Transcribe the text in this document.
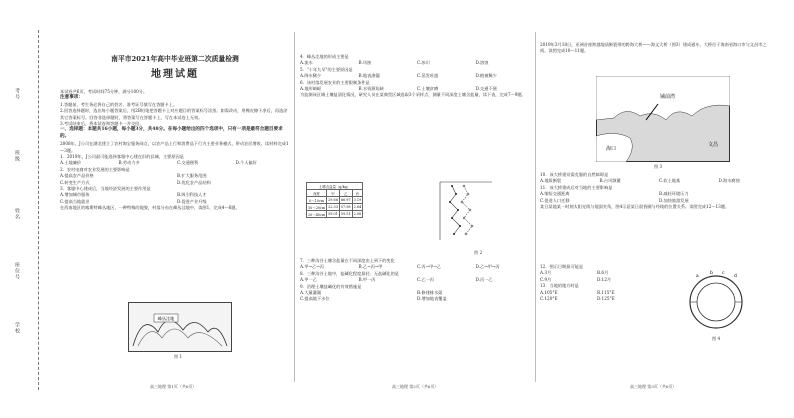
考号
班级
姓名
座位号
学校
南平市2021年高中毕业班第二次质量检测
地理试题

本试卷共6页，考试时间75分钟，满分100分。

注意事项：

1.答题前，考生务必将自己的姓名、准考证号填写在答题卡上。

2.回答选择题时，选出每小题答案后，用2B铅笔把答题卡上对应题目的答案标号涂黑。如需改动，用橡皮擦干净后，再选涂其它答案标号。回答非选择题时，将答案写在答题卡上，写在本试卷上无效。

3.考试结束后，将本试卷和答题卡一并交回。

一、选择题：本题共16小题，每小题3分，共48分。在每小题给出的四个选项中，只有一项是最符合题目要求的。

2008年，J公司在湖北建立了农村淘宝服务网点，以农产品上行和消费品下行为主要业务模式，带动农民增收。读材料完成1～3题。

1．2019年，J公司最可能选择客服中心建在旧的县城，主要原因是

A.土地廉价	B.劳动力多	C.交通便利	D.个人偏好

2．农村电商对农业发展的主要影响是

A.提高农产品价格	B.扩大服务范围
C.转变生产方式	D.优化农产品结构

3．客服中心建成后，当地经济发展的主要作用是

A.增加城市服务	B.吸引科技人才
C.提高当地就业	D.促进产业升级

在西南地区的喀斯特峰丛地区，一种特殊的地貌，村落分布在峰丛洼地中，读图1，完成4～6题。

峰丛洼地
图 1
高三地理 第1页（共6页）

4．峰丛洼地的形成主要是

A.流水	B.风蚀	C.冰川	D.溶蚀

5．"十年九旱"的主要原因是

A.降水稀少	B.地表渗漏	C.蒸发旺盛	D.植被稀少

6．该村落发展农业的主要限制条件是

A.地形崎岖	B.水资源短缺	C.土壤贫瘠	D.交通不便

为监测该区城土壤盐渍化情况，研究人员在某典型区域选取3个采样点，测量不同深度土壤含盐量，读下表，完成7～9题。

土壤含盐量（g/kg）			
深度	甲	乙	丙
0～10cm	29.66	66.97	3.19
10～20cm	22.33	57.98	2.64
20～40cm	59.01	59.51	2.08
图 2

7．三种沟谷土壤含盐量在不同深度由上到下的变化

A.甲→乙→丙	B.乙→丙→甲	C.丙→甲→乙	D.乙→甲→丙

8．三种沟谷土地中，盐碱化程度最轻、无盐碱化的是

A.甲一乙	B.甲一丙	C.乙一丙	D.丙一乙

9．治理土壤盐碱化的有效措施是

A.大量灌溉	B.修建排水渠
C.提高地下水位	D.增加地表覆盖
高三地理 第2页（共6页）

2019年3月18日，亚洲首座跨越地质断裂带的跨海大桥——海文大桥（图3）建成通车，大桥位于海南省海口市与文昌市之间。读图完成10～11题。

铺前湾
海口
文昌
图 3

10．该大桥建设需克服的自然障碍是

A.地质断裂	B.台风频繁	C.软土地基	D.海水腐蚀

11．该大桥建成后对当地的主要影响是

A.缩短交通距离	B.减轻环境压力
C.促进人口迁移	D.加快旅游发展

某日某地某一时刻太阳光线与地面夹角，图4示意某日晨昏圈与经线的位置关系。读图完成12～13题。

12．图示日期最可能是

A.3月	B.6月
C.9月	D.12月

13．当地的地方时是

A.105°E	B.115°E
C.120°E	D.125°E
a
b c
d
图 4
高三地理 第3页（共6页）
